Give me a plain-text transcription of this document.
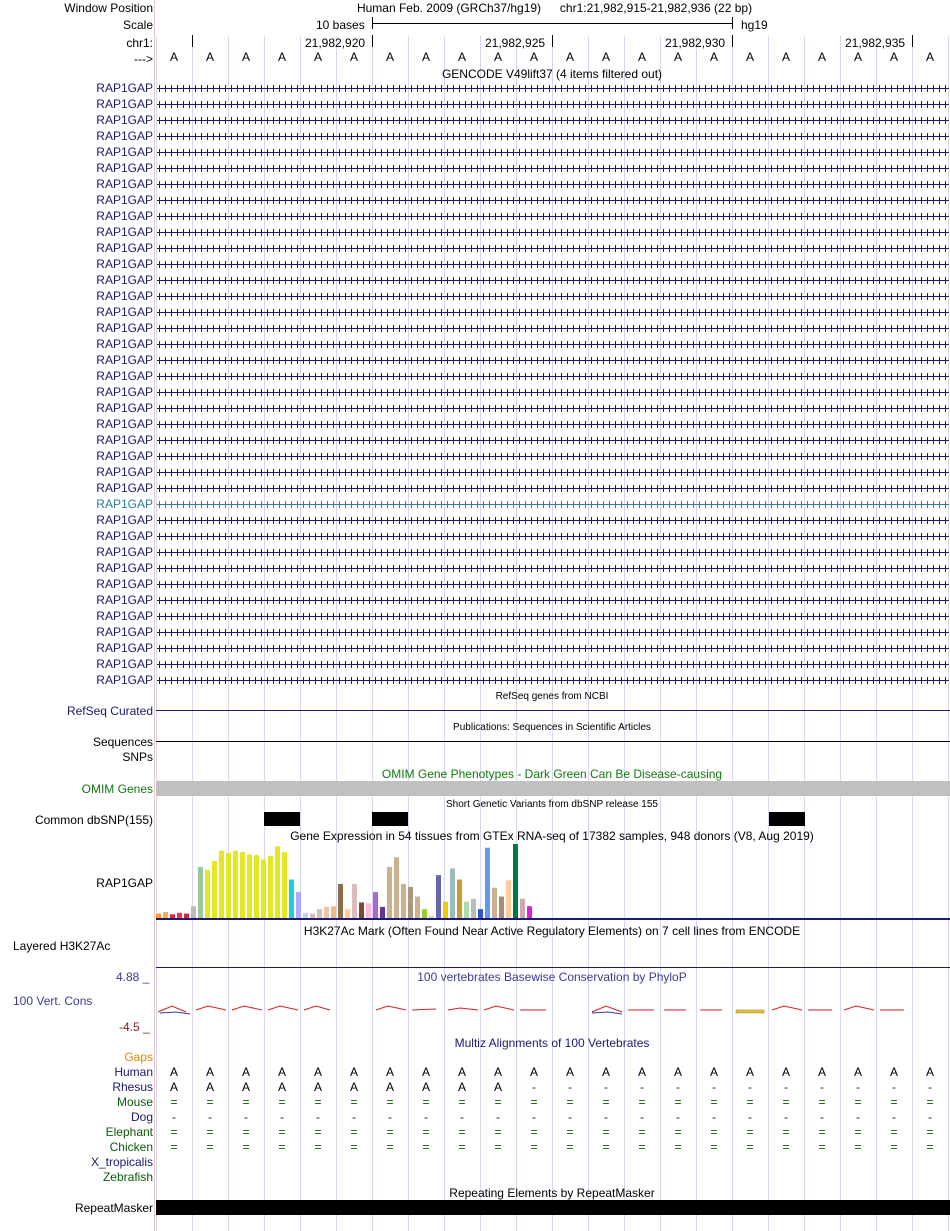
Window Position	Human Feb. 2009 (GRCh37/hg19) chr1:21,982,915-21,982,936 (22 bp)
Scale	10 bases	hg19
chr1:	21,982,920	21,982,925	21,982,930	21,982,935
---> A A A A A A A A A A A A A A A A A A A A A A
GENCODE V49lift37 (4 items filtered out)
RAP1GAP
RAP1GAP
RAP1GAP
RAP1GAP
RAP1GAP
RAP1GAP
RAP1GAP
RAP1GAP
RAP1GAP
RAP1GAP
RAP1GAP
RAP1GAP
RAP1GAP
RAP1GAP
RAP1GAP
RAP1GAP
RAP1GAP
RAP1GAP
RAP1GAP
RAP1GAP
RAP1GAP
RAP1GAP
RAP1GAP
RAP1GAP
RAP1GAP
RAP1GAP
RAP1GAP
RAP1GAP
RAP1GAP
RAP1GAP
RAP1GAP
RAP1GAP
RAP1GAP
RAP1GAP
RAP1GAP
RAP1GAP
RAP1GAP
RAP1GAP
RefSeq genes from NCBI
RefSeq Curated
Publications: Sequences in Scientific Articles
Sequences
SNPs
OMIM Gene Phenotypes - Dark Green Can Be Disease-causing
OMIM Genes
Short Genetic Variants from dbSNP release 155
Common dbSNP(155)
Gene Expression in 54 tissues from GTEx RNA-seq of 17382 samples, 948 donors (V8, Aug 2019)
RAP1GAP
H3K27Ac Mark (Often Found Near Active Regulatory Elements) on 7 cell lines from ENCODE
Layered H3K27Ac
100 vertebrates Basewise Conservation by PhyloP
4.88 _
100 Vert. Cons
-4.5 _
Multiz Alignments of 100 Vertebrates
Gaps
Human A A A A A A A A A A A A A A A A A A A A A A
Rhesus A A A A A A A A A A -	-	-	-	-	-	-	-	-	-	-	-
Mouse = = = = = = = = = = = = = = = = = = = = = =
Dog -	-	-	-	-	-	-	-	-	-	-	-	-	-	-	-	-	-	-	-	-	-
Elephant = = = = = = = = = = = = = = = = = = = = = =
Chicken = = = = = = = = = = = = = = = = = = = = = =
X_tropicalis
Zebrafish
Repeating Elements by RepeatMasker
RepeatMasker
